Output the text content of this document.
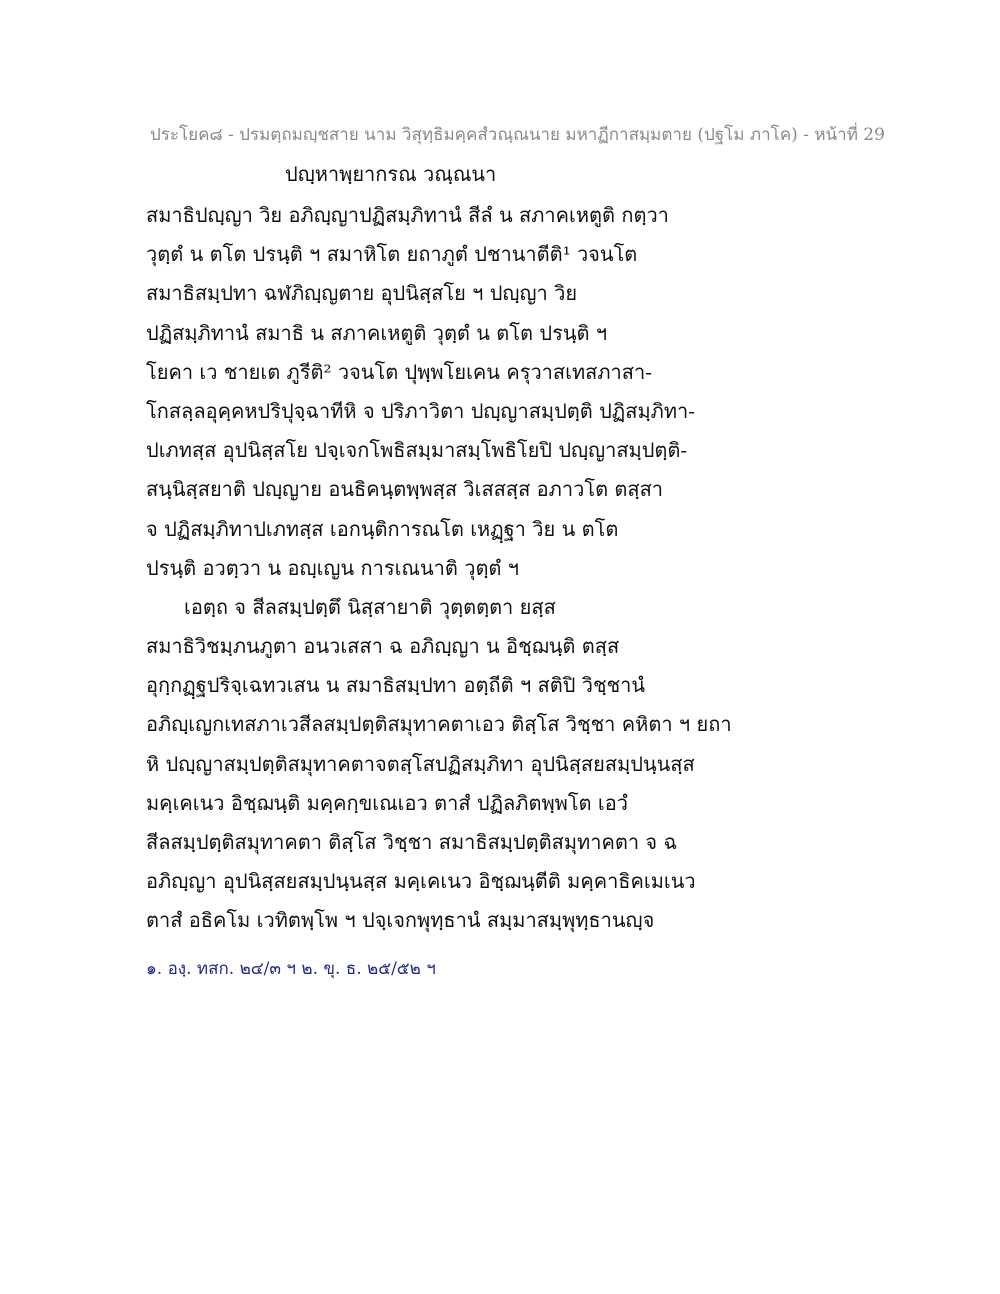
ประโยค๘ - ปรมตฺถมญฺชสาย นาม วิสุทฺธิมคฺคสํวณฺณนาย มหาฏีกาสมฺมตาย (ปฐโม ภาโค) - หน้าที่ 29
ปญฺหาพฺยากรณ วณฺณนา
สมาธิปญฺญา วิย อภิญฺญาปฏิสมฺภิทานํ สีลํ น สภาคเหตูติ กตฺวา
วุตฺตํ น ตโต ปรนฺติ ฯ สมาหิโต ยถาภูตํ ปชานาตีติ¹ วจนโต
สมาธิสมฺปทา ฉฬภิญฺญตาย อุปนิสฺสโย ฯ ปญฺญา วิย
ปฏิสมฺภิทานํ สมาธิ น สภาคเหตูติ วุตฺตํ น ตโต ปรนฺติ ฯ
โยคา เว ชายเต ภูรีติ² วจนโต ปุพฺพโยเคน ครุวาสเทสภาสา-
โกสลฺลอุคฺคหปริปุจฺฉาทีหิ จ ปริภาวิตา ปญฺญาสมฺปตฺติ ปฏิสมฺภิทา-
ปเภทสฺส อุปนิสฺสโย ปจฺเจกโพธิสมฺมาสมฺโพธิโยปิ ปญฺญาสมฺปตฺติ-
สนฺนิสฺสยาติ ปญฺญาย อนธิคนฺตพฺพสฺส วิเสสสฺส อภาวโต ตสฺสา
จ ปฏิสมฺภิทาปเภทสฺส เอกนฺติการณโต เหฏฺฐา วิย น ตโต
ปรนฺติ อวตฺวา น อญฺเญน การเณนาติ วุตฺตํ ฯ
เอตฺถ จ สีลสมฺปตฺตึ นิสฺสายาติ วุตฺตตฺตา ยสฺส
สมาธิวิชมฺภนภูตา อนวเสสา ฉ อภิญฺญา น อิชฺฌนฺติ ตสฺส
อุกฺกฏฺฐปริจฺเฉทวเสน น สมาธิสมฺปทา อตฺถีติ ฯ สติปิ วิชฺชานํ
อภิญฺเญกเทสภาเวสีลสมฺปตฺติสมุทาคตาเอว ติสฺโส วิชฺชา คหิตา ฯ ยถา
หิ ปญฺญาสมฺปตฺติสมุทาคตาจตสฺโสปฏิสมฺภิทา อุปนิสฺสยสมฺปนฺนสฺส
มคฺเคเนว อิชฺฌนฺติ มคฺคกฺขเณเอว ตาสํ ปฏิลภิตพฺพโต เอวํ
สีลสมฺปตฺติสมุทาคตา ติสฺโส วิชฺชา สมาธิสมฺปตฺติสมุทาคตา จ ฉ
อภิญฺญา อุปนิสฺสยสมฺปนฺนสฺส มคฺเคเนว อิชฺฌนฺตีติ มคฺคาธิคเมเนว
ตาสํ อธิคโม เวทิตพฺโพ ฯ ปจฺเจกพุทฺธานํ สมฺมาสมฺพุทฺธานญฺจ
๑. องฺ. ทสก. ๒๔/๓ ฯ ๒. ขุ. ธ. ๒๕/๕๒ ฯ
